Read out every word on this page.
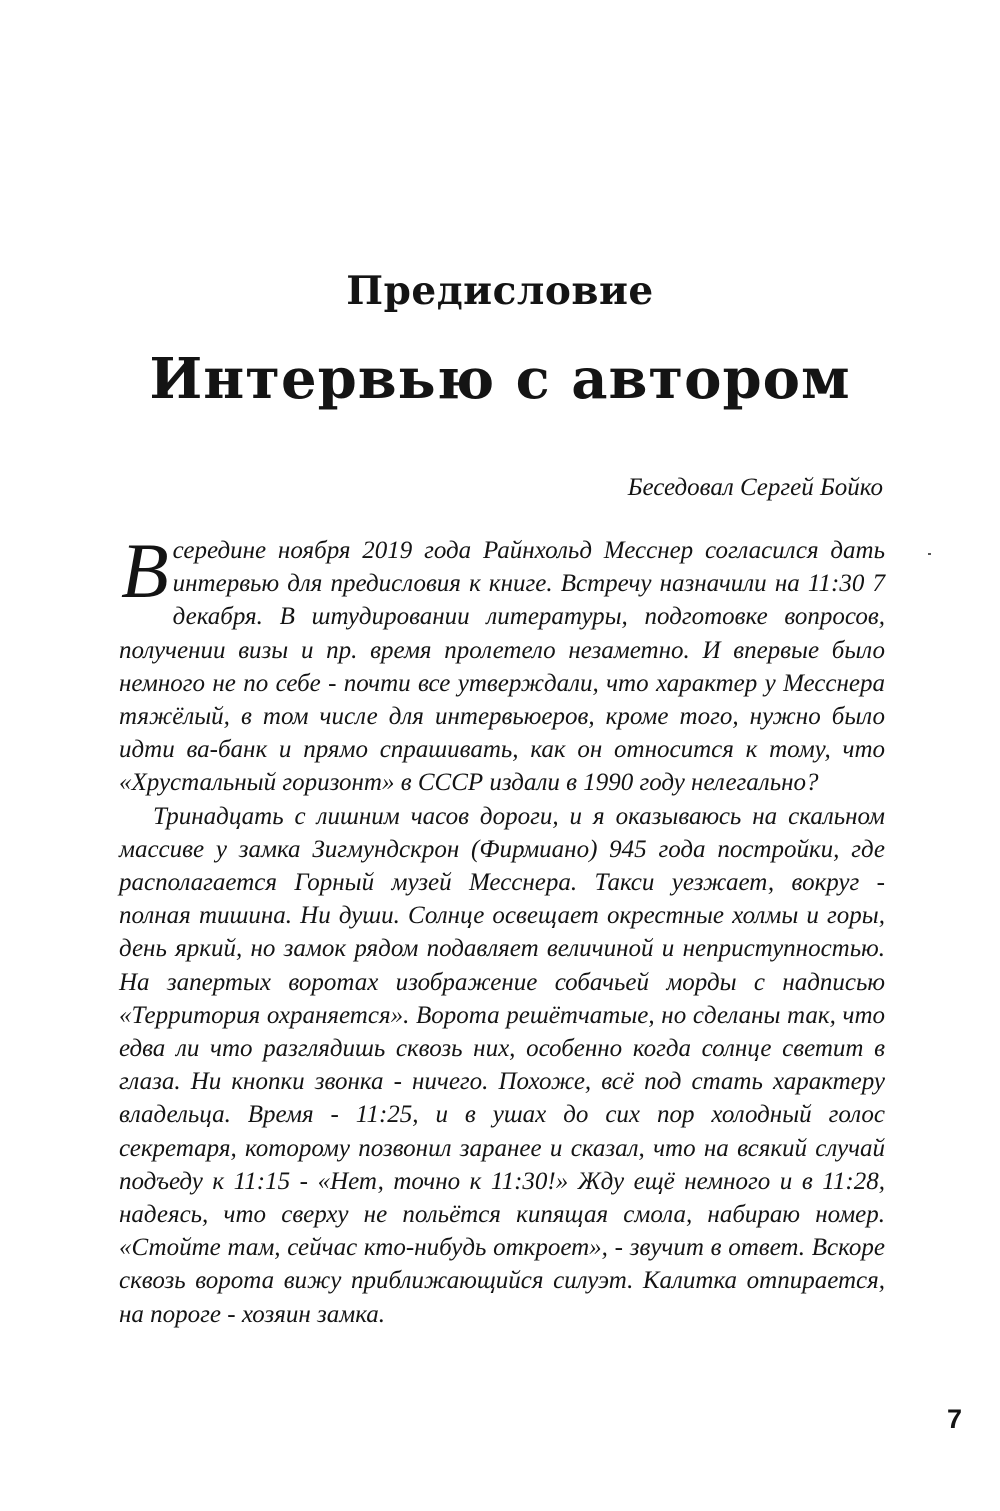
Предисловие
Интервью с автором
Беседовал Сергей Бойко

Всередине ноября 2019 года Райнхольд Месснер согласился дать интервью для предисловия к книге. Встречу назначили на 11:30 7 декабря. В штудировании литературы, подготовке вопросов, получении визы и пр. время пролетело незаметно. И впервые было немного не по себе - почти все утверждали, что характер у Месснера тяжёлый, в том числе для интервьюеров, кроме того, нужно было идти ва-банк и прямо спрашивать, как он относится к тому, что «Хрустальный горизонт» в СССР издали в 1990 году нелегально?

Тринадцать с лишним часов дороги, и я оказываюсь на скальном массиве у замка Зигмундскрон (Фирмиано) 945 года постройки, где располагается Горный музей Месснера. Такси уезжает, вокруг - полная тишина. Ни души. Солнце освещает окрестные холмы и горы, день яркий, но замок рядом подавляет величиной и неприступностью. На запертых воротах изображение собачьей морды с надписью «Территория охраняется». Ворота решётчатые, но сделаны так, что едва ли что разглядишь сквозь них, особенно когда солнце светит в глаза. Ни кнопки звонка - ничего. Похоже, всё под стать характеру владельца. Время - 11:25, и в ушах до сих пор холодный голос секретаря, которому позвонил заранее и сказал, что на всякий случай подъеду к 11:15 - «Нет, точно к 11:30!» Жду ещё немного и в 11:28, надеясь, что сверху не польётся кипящая смола, набираю номер. «Стойте там, сейчас кто-нибудь откроет», - звучит в ответ. Вскоре сквозь ворота вижу приближающийся силуэт. Калитка отпирается, на пороге - хозяин замка.

7
